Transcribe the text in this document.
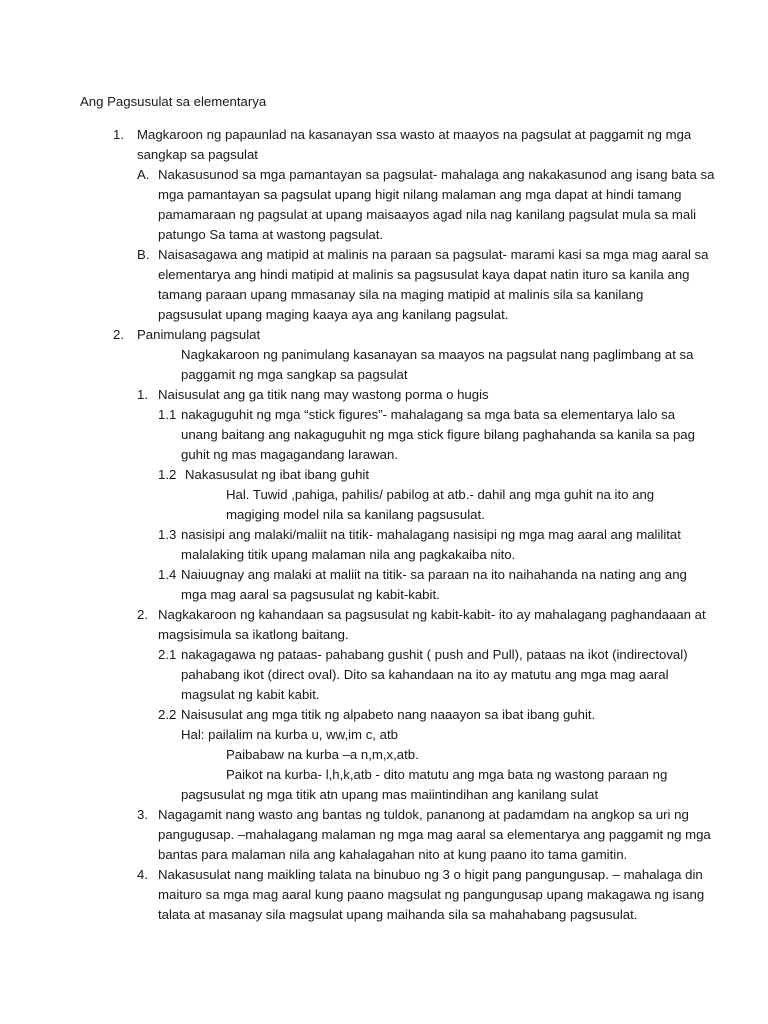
Ang Pagsusulat sa elementarya
1. Magkaroon ng papaunlad na kasanayan ssa wasto at maayos na pagsulat at paggamit ng mga
sangkap sa pagsulat
A. Nakasusunod sa mga pamantayan sa pagsulat- mahalaga ang nakakasunod ang isang bata sa
mga pamantayan sa pagsulat upang higit nilang malaman ang mga dapat at hindi tamang
pamamaraan ng pagsulat at upang maisaayos agad nila nag kanilang pagsulat mula sa mali
patungo Sa tama at wastong pagsulat.
B. Naisasagawa ang matipid at malinis na paraan sa pagsulat- marami kasi sa mga mag aaral sa
elementarya ang hindi matipid at malinis sa pagsusulat kaya dapat natin ituro sa kanila ang
tamang paraan upang mmasanay sila na maging matipid at malinis sila sa kanilang
pagsusulat upang maging kaaya aya ang kanilang pagsulat.
2. Panimulang pagsulat
Nagkakaroon ng panimulang kasanayan sa maayos na pagsulat nang paglimbang at sa
paggamit ng mga sangkap sa pagsulat
1. Naisusulat ang ga titik nang may wastong porma o hugis
1.1 nakaguguhit ng mga “stick figures”- mahalagang sa mga bata sa elementarya lalo sa
unang baitang ang nakaguguhit ng mga stick figure bilang paghahanda sa kanila sa pag
guhit ng mas magagandang larawan.
1.2 Nakasusulat ng ibat ibang guhit
Hal. Tuwid ,pahiga, pahilis/ pabilog at atb.- dahil ang mga guhit na ito ang
magiging model nila sa kanilang pagsusulat.
1.3 nasisipi ang malaki/maliit na titik- mahalagang nasisipi ng mga mag aaral ang malilitat
malalaking titik upang malaman nila ang pagkakaiba nito.
1.4 Naiuugnay ang malaki at maliit na titik- sa paraan na ito naihahanda na nating ang ang
mga mag aaral sa pagsusulat ng kabit-kabit.
2. Nagkakaroon ng kahandaan sa pagsusulat ng kabit-kabit- ito ay mahalagang paghandaaan at
magsisimula sa ikatlong baitang.
2.1 nakagagawa ng pataas- pahabang gushit ( push and Pull), pataas na ikot (indirectoval)
pahabang ikot (direct oval). Dito sa kahandaan na ito ay matutu ang mga mag aaral
magsulat ng kabit kabit.
2.2 Naisusulat ang mga titik ng alpabeto nang naaayon sa ibat ibang guhit.
Hal: pailalim na kurba u, ww,im c, atb
Paibabaw na kurba –a n,m,x,atb.
Paikot na kurba- l,h,k,atb - dito matutu ang mga bata ng wastong paraan ng
pagsusulat ng mga titik atn upang mas maiintindihan ang kanilang sulat
3. Nagagamit nang wasto ang bantas ng tuldok, pananong at padamdam na angkop sa uri ng
pangugusap. –mahalagang malaman ng mga mag aaral sa elementarya ang paggamit ng mga
bantas para malaman nila ang kahalagahan nito at kung paano ito tama gamitin.
4. Nakasusulat nang maikling talata na binubuo ng 3 o higit pang pangungusap. – mahalaga din
maituro sa mga mag aaral kung paano magsulat ng pangungusap upang makagawa ng isang
talata at masanay sila magsulat upang maihanda sila sa mahahabang pagsusulat.
